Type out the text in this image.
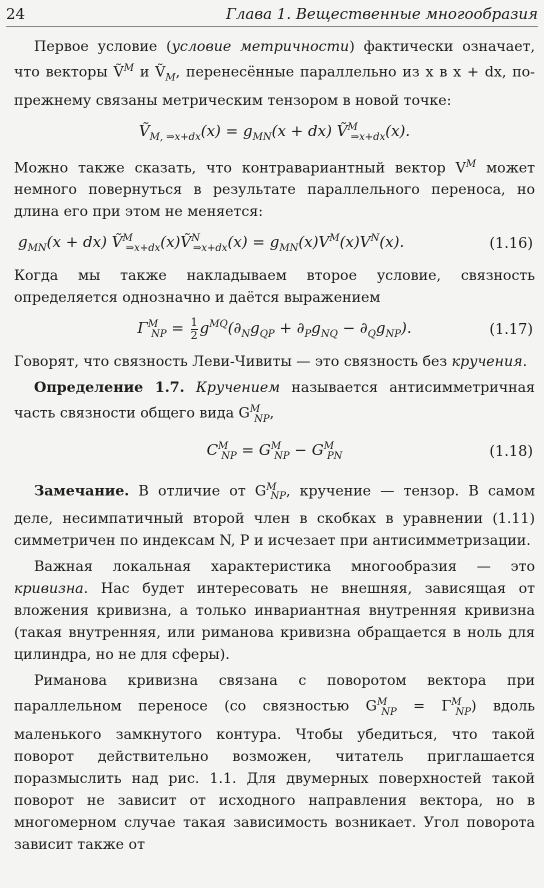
24	Глава 1. Вещественные многообразия

Первое условие (условие метричности) фактически означает, что векторы Ṽ$^M$ и Ṽ$_M$, перенесённые параллельно из x в x + dx, по-прежнему связаны метрическим тензором в новой точке:

Ṽ$_{M, \Rightarrow x+dx}$(x) = $g_{MN}(x + dx)$ Ṽ$^M_{\Rightarrow x+dx}$(x).

Можно также сказать, что контравариантный вектор $V^M$ может немного повернуться в результате параллельного переноса, но длина его при этом не меняется:

$g_{MN}(x + dx)$ Ṽ$^M_{\Rightarrow x+dx}$(x)Ṽ$^N_{\Rightarrow x+dx}$(x) = $g_{MN}(x)V^M(x)V^N(x)$.	(1.16)

Когда мы также накладываем второе условие, связность определяется однозначно и даётся выражением

$\Gamma^M_{NP} = \frac{1}{2} g^{MQ}(\partial_Ng_{QP} + \partial_Pg_{NQ} - \partial_Qg_{NP})$.	(1.17)

Говорят, что связность Леви-Чивиты — это связность без кручения.

Определение 1.7. Кручением называется антисимметричная часть связности общего вида $G^M_{NP}$,

$C^M_{NP} = G^M_{NP} - G^M_{PN}$	(1.18)

Замечание. В отличие от $G^M_{NP}$, кручение — тензор. В самом деле, несимпатичный второй член в скобках в уравнении (1.11) симметричен по индексам N, P и исчезает при антисимметризации.

Важная локальная характеристика многообразия — это кривизна. Нас будет интересовать не внешняя, зависящая от вложения кривизна, а только инвариантная внутренняя кривизна (такая внутренняя, или риманова кривизна обращается в ноль для цилиндра, но не для сферы).

Риманова кривизна связана с поворотом вектора при параллельном переносе (со связностью $G^M_{NP} = \Gamma^M_{NP}$) вдоль маленького замкнутого контура. Чтобы убедиться, что такой поворот действительно возможен, читатель приглашается поразмыслить над рис. 1.1. Для двумерных поверхностей такой поворот не зависит от исходного направления вектора, но в многомерном случае такая зависимость возникает. Угол поворота зависит также от
